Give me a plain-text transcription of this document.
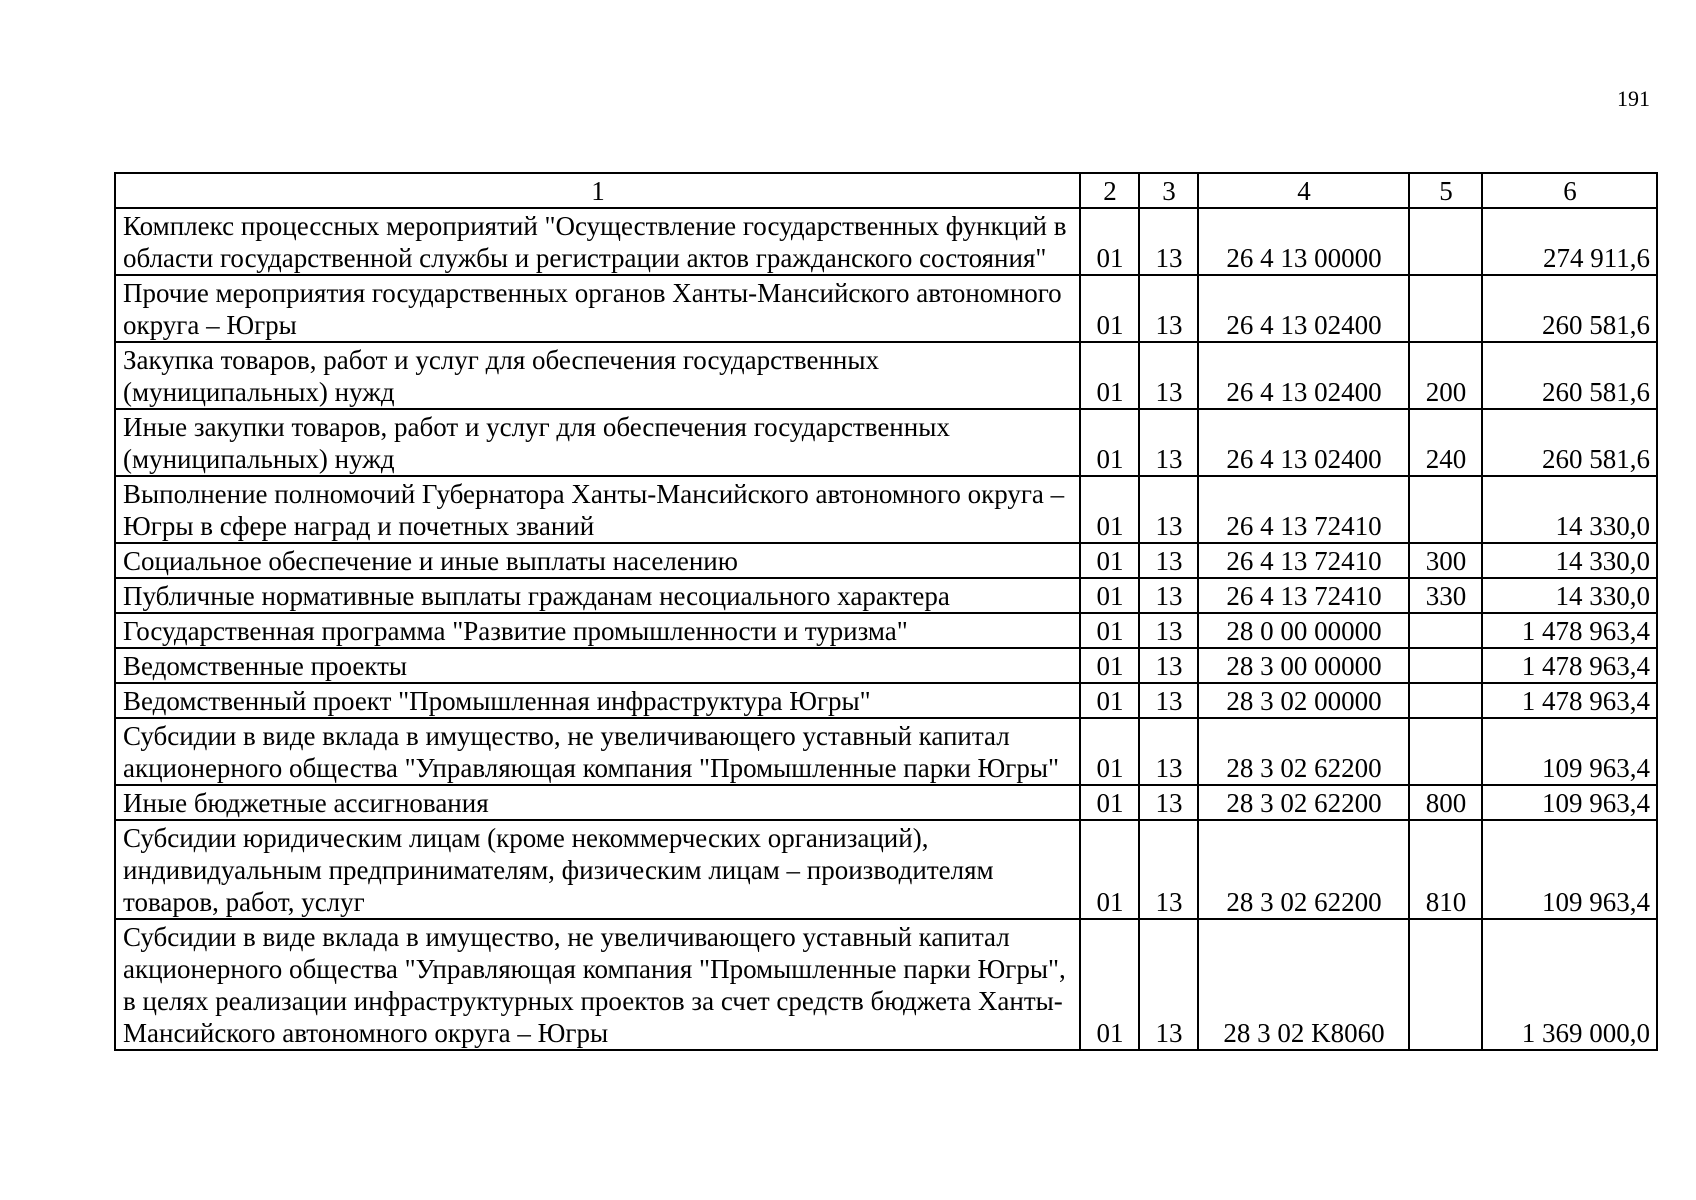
191
1	2	3	4	5	6
Комплекс процессных мероприятий "Осуществление государственных функций в области государственной службы и регистрации актов гражданского состояния"	01	13	26 4 13 00000		274 911,6
Прочие мероприятия государственных органов Ханты-Мансийского автономного округа – Югры	01	13	26 4 13 02400		260 581,6
Закупка товаров, работ и услуг для обеспечения государственных (муниципальных) нужд	01	13	26 4 13 02400	200	260 581,6
Иные закупки товаров, работ и услуг для обеспечения государственных (муниципальных) нужд	01	13	26 4 13 02400	240	260 581,6
Выполнение полномочий Губернатора Ханты-Мансийского автономного округа – Югры в сфере наград и почетных званий	01	13	26 4 13 72410		14 330,0
Социальное обеспечение и иные выплаты населению	01	13	26 4 13 72410	300	14 330,0
Публичные нормативные выплаты гражданам несоциального характера	01	13	26 4 13 72410	330	14 330,0
Государственная программа "Развитие промышленности и туризма"	01	13	28 0 00 00000		1 478 963,4
Ведомственные проекты	01	13	28 3 00 00000		1 478 963,4
Ведомственный проект "Промышленная инфраструктура Югры"	01	13	28 3 02 00000		1 478 963,4
Субсидии в виде вклада в имущество, не увеличивающего уставный капитал акционерного общества "Управляющая компания "Промышленные парки Югры"	01	13	28 3 02 62200		109 963,4
Иные бюджетные ассигнования	01	13	28 3 02 62200	800	109 963,4
Субсидии юридическим лицам (кроме некоммерческих организаций), индивидуальным предпринимателям, физическим лицам – производителям товаров, работ, услуг	01	13	28 3 02 62200	810	109 963,4
Субсидии в виде вклада в имущество, не увеличивающего уставный капитал акционерного общества "Управляющая компания "Промышленные парки Югры", в целях реализации инфраструктурных проектов за счет средств бюджета Ханты-Мансийского автономного округа – Югры	01	13	28 3 02 K8060		1 369 000,0
